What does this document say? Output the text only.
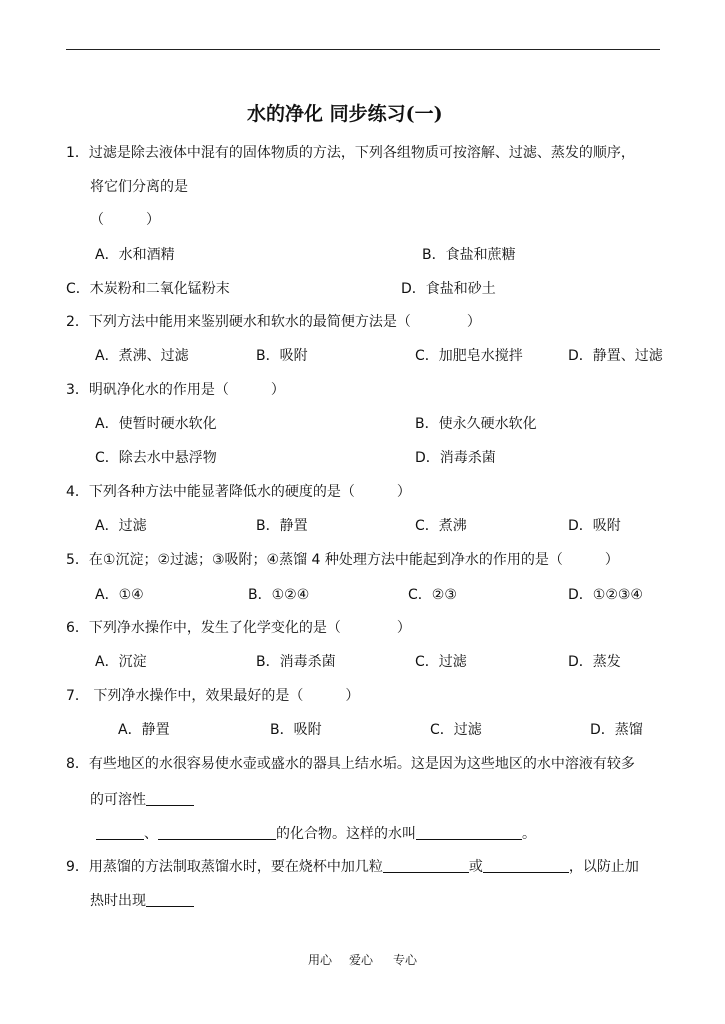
水的净化 同步练习(一)
1．过滤是除去液体中混有的固体物质的方法，下列各组物质可按溶解、过滤、蒸发的顺序，
将它们分离的是
（　　　）
A．水和酒精	B．食盐和蔗糖
C．木炭粉和二氧化锰粉末	D．食盐和砂土
2．下列方法中能用来鉴别硬水和软水的最简便方法是（　　　　）
A．煮沸、过滤	B．吸附	C．加肥皂水搅拌	D．静置、过滤
3．明矾净化水的作用是（　　　）
A．使暂时硬水软化	B．使永久硬水软化
C．除去水中悬浮物	D．消毒杀菌
4．下列各种方法中能显著降低水的硬度的是（　　　）
A．过滤	B．静置	C．煮沸	D．吸附
5．在①沉淀；②过滤；③吸附；④蒸馏 4 种处理方法中能起到净水的作用的是（　　　）
A．①④	B．①②④	C．②③	D．①②③④
6．下列净水操作中，发生了化学变化的是（　　　　）
A．沉淀	B．消毒杀菌	C．过滤	D．蒸发
7． 下列净水操作中，效果最好的是（　　　）
A．静置	B．吸附	C．过滤	D．蒸馏
8．有些地区的水很容易使水壶或盛水的器具上结水垢。这是因为这些地区的水中溶液有较多
的可溶性
、	的化合物。这样的水叫	。
9．用蒸馏的方法制取蒸馏水时，要在烧杯中加几粒	或	，以防止加
热时出现
用心 爱心 专心
